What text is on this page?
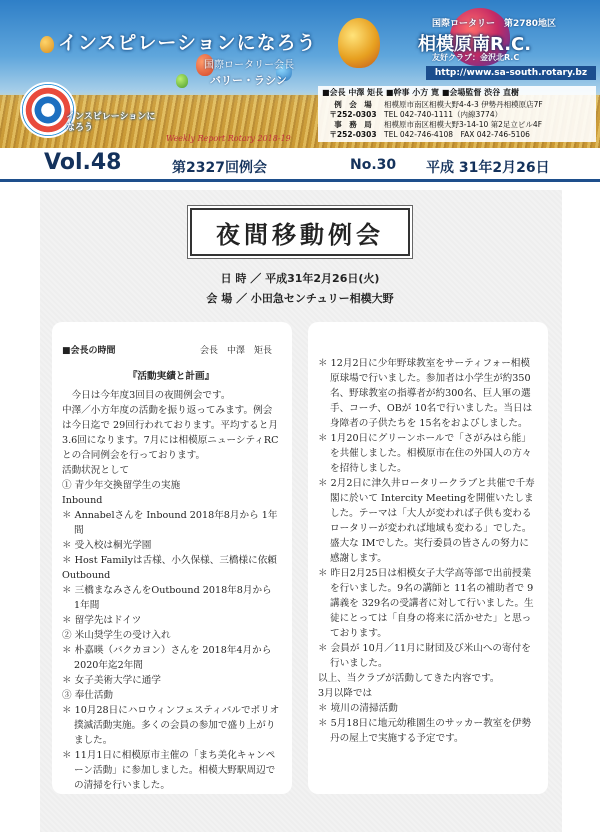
インスピレーションになろう
国際ロータリー会長
バリー・ラシン
インスピレーションに
なろう
Weekly Report Rotary 2018-19
国際ロータリー　第2780地区
相模原南R.C.
友好クラブ：金沢北R.C
http://www.sa-south.rotary.bz
■会長 中澤 矩長 ■幹事 小方 寛 ■会場監督 渋谷 直樹
例　会　場	相模原市南区相模大野4-4-3 伊勢丹相模原店7F
〒252-0303 TEL 042-740-1111（内線3774）
事　務　局	相模原市南区相模大野3-14-10 第2足立ビル4F
〒252-0303 TEL 042-746-4108　FAX 042-746-5106
Vol.48	第2327回例会	No.30 平成 31年2月26日
夜間移動例会
日 時 ／ 平成31年2月26日(火)
会 場 ／ 小田急センチュリー相模大野
■会長の時間	会長　中澤　矩長
『活動実績と計画』
今日は今年度3回目の夜間例会です。
中澤／小方年度の活動を振り返ってみます。例会は今日迄で 29回行われております。平均すると月3.6回になります。7月には相模原ニューシティRCとの合同例会を行っております。
活動状況として
① 青少年交換留学生の実施
Inbound
＊ Annabelさんを Inbound 2018年8月から 1年間
＊ 受入校は桐光学園
＊ Host Familyは舌様、小久保様、三橋様に依頼
Outbound
＊ 三橋まなみさんをOutbound 2018年8月から 1年間
＊ 留学先はドイツ
② 米山奨学生の受け入れ
＊ 朴嘉暎（バクカヨン）さんを 2018年4月から 2020年迄2年間
＊ 女子美術大学に通学
③ 奉仕活動
＊ 10月28日にハロウィンフェスティバルでポリオ撲滅活動実施。多くの会員の参加で盛り上がりました。
＊ 11月1日に相模原市主催の「まち美化キャンペーン活動」に参加しました。相模大野駅周辺での清掃を行いました。
＊ 12月2日に少年野球教室をサーティフォー相模原球場で行いました。参加者は小学生が約350名、野球教室の指導者が約300名、巨人軍の選手、コーチ、OBが 10名で行いました。当日は身障者の子供たちを 15名をおよびしました。
＊ 1月20日にグリーンホールで「さがみはら能」を共催しました。相模原市在住の外国人の方々を招待しました。
＊ 2月2日に津久井ロータリークラブと共催で千寿閣に於いて Intercity Meetingを開催いたしました。テーマは「大人が変われば子供も変わるロータリーが変われば地域も変わる」でした。盛大な IMでした。実行委員の皆さんの努力に感謝します。
＊ 昨日2月25日は相模女子大学高等部で出前授業を行いました。9名の講師と 11名の補助者で 9講義を 329名の受講者に対して行いました。生徒にとっては「自身の将来に活かせた」と思っております。
＊ 会員が 10月／11月に財団及び米山への寄付を行いました。
以上、当クラブが活動してきた内容です。
3月以降では
＊ 境川の清掃活動
＊ 5月18日に地元幼稚園生のサッカー教室を伊勢丹の屋上で実施する予定です。
